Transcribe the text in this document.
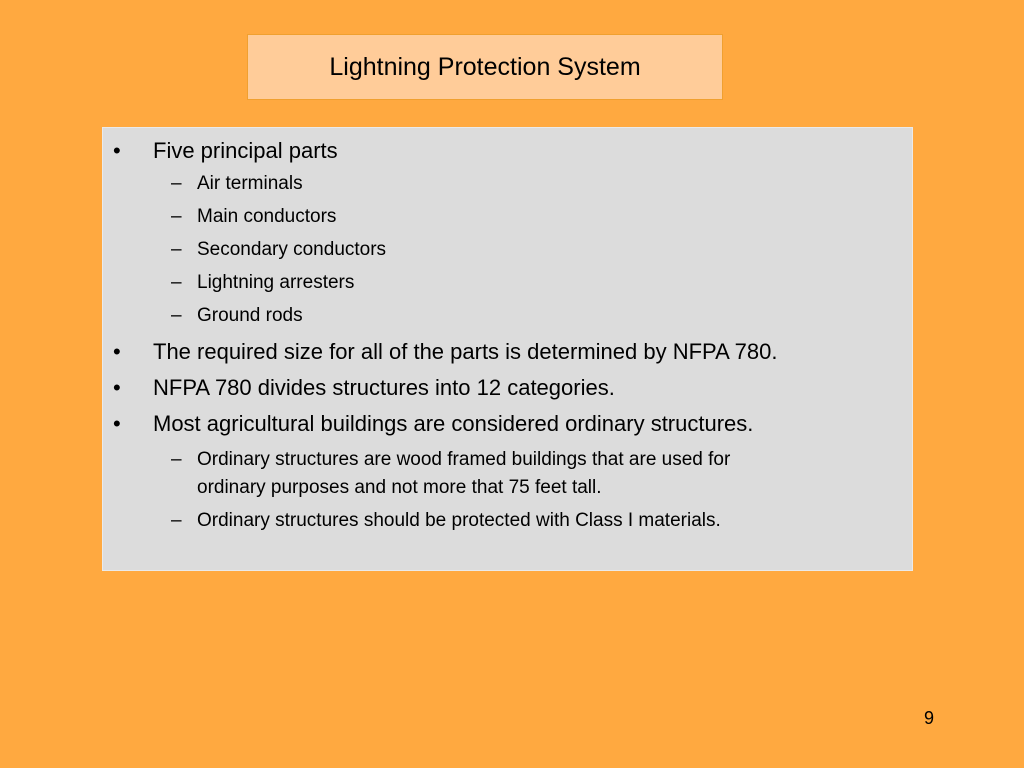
Lightning Protection System
• Five principal parts
– Air terminals
– Main conductors
– Secondary conductors
– Lightning arresters
– Ground rods
• The required size for all of the parts is determined by NFPA 780.
• NFPA 780 divides structures into 12 categories.
• Most agricultural buildings are considered ordinary structures.
– Ordinary structures are wood framed buildings that are used for
ordinary purposes and not more that 75 feet tall.
– Ordinary structures should be protected with Class I materials.
9
